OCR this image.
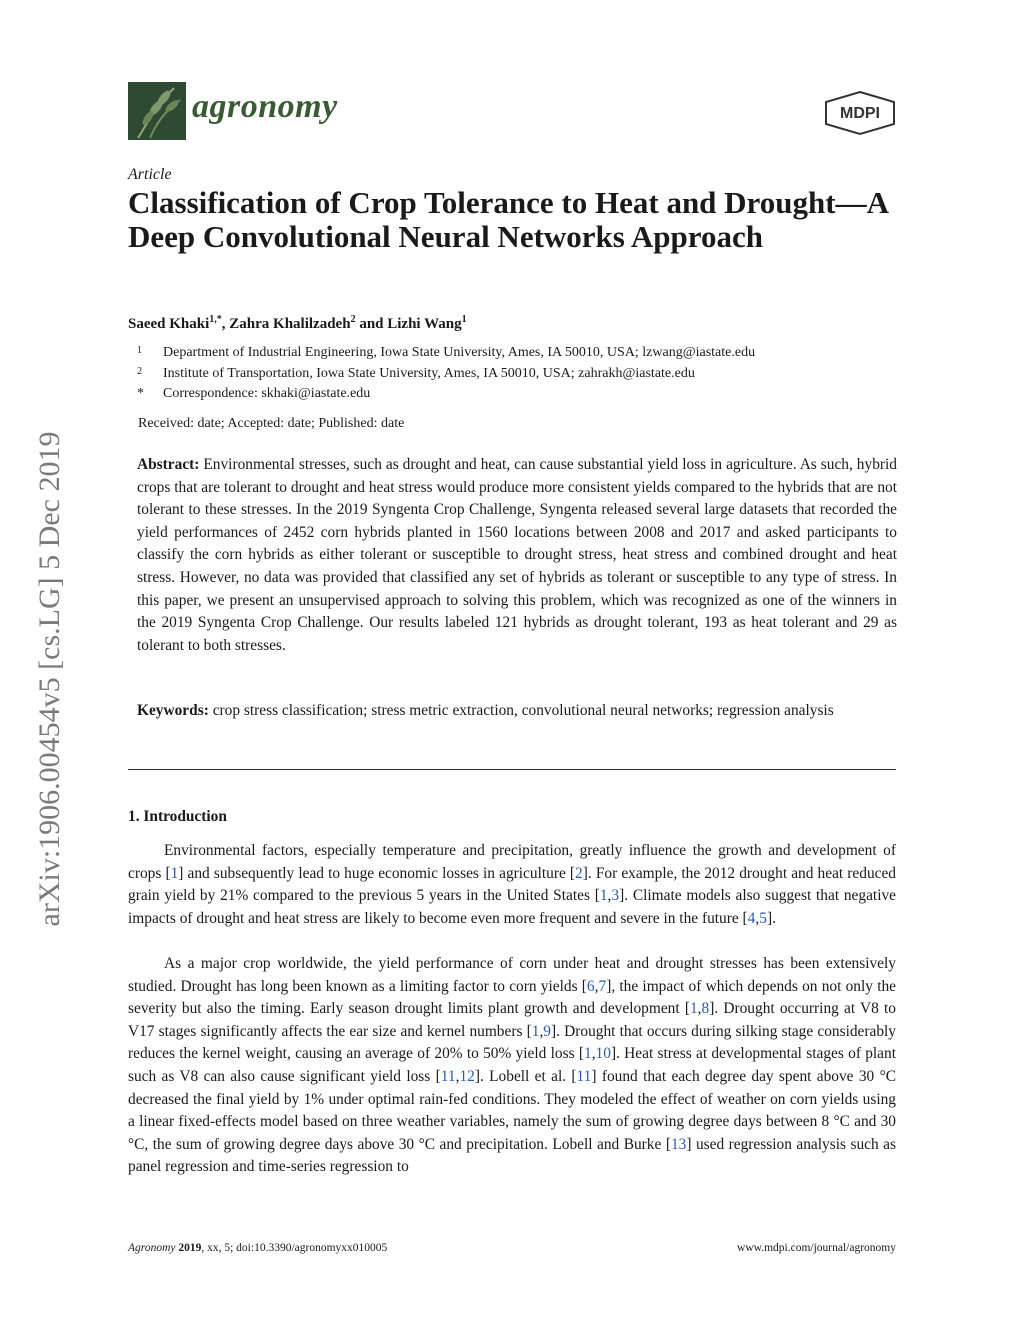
agronomy	MDPI
Article
Classification of Crop Tolerance to Heat and Drought—A Deep Convolutional Neural Networks Approach
Saeed Khaki$^{1,*}$, Zahra Khalilzadeh$^2$ and Lizhi Wang$^1$
1 Department of Industrial Engineering, Iowa State University, Ames, IA 50010, USA; lzwang@iastate.edu
2 Institute of Transportation, Iowa State University, Ames, IA 50010, USA; zahrakh@iastate.edu
* Correspondence: skhaki@iastate.edu
Received: date; Accepted: date; Published: date
Abstract: Environmental stresses, such as drought and heat, can cause substantial yield loss in agriculture. As such, hybrid crops that are tolerant to drought and heat stress would produce more consistent yields compared to the hybrids that are not tolerant to these stresses. In the 2019 Syngenta Crop Challenge, Syngenta released several large datasets that recorded the yield performances of 2452 corn hybrids planted in 1560 locations between 2008 and 2017 and asked participants to classify the corn hybrids as either tolerant or susceptible to drought stress, heat stress and combined drought and heat stress. However, no data was provided that classified any set of hybrids as tolerant or susceptible to any type of stress. In this paper, we present an unsupervised approach to solving this problem, which was recognized as one of the winners in the 2019 Syngenta Crop Challenge. Our results labeled 121 hybrids as drought tolerant, 193 as heat tolerant and 29 as tolerant to both stresses.
Keywords: crop stress classification; stress metric extraction, convolutional neural networks; regression analysis
1. Introduction
Environmental factors, especially temperature and precipitation, greatly influence the growth and development of crops [1] and subsequently lead to huge economic losses in agriculture [2]. For example, the 2012 drought and heat reduced grain yield by 21% compared to the previous 5 years in the United States [1,3]. Climate models also suggest that negative impacts of drought and heat stress are likely to become even more frequent and severe in the future [4,5].
As a major crop worldwide, the yield performance of corn under heat and drought stresses has been extensively studied. Drought has long been known as a limiting factor to corn yields [6,7], the impact of which depends on not only the severity but also the timing. Early season drought limits plant growth and development [1,8]. Drought occurring at V8 to V17 stages significantly affects the ear size and kernel numbers [1,9]. Drought that occurs during silking stage considerably reduces the kernel weight, causing an average of 20% to 50% yield loss [1,10]. Heat stress at developmental stages of plant such as V8 can also cause significant yield loss [11,12]. Lobell et al. [11] found that each degree day spent above 30 °C decreased the final yield by 1% under optimal rain-fed conditions. They modeled the effect of weather on corn yields using a linear fixed-effects model based on three weather variables, namely the sum of growing degree days between 8 °C and 30 °C, the sum of growing degree days above 30 °C and precipitation. Lobell and Burke [13] used regression analysis such as panel regression and time-series regression to
arXiv:1906.00454v5 [cs.LG] 5 Dec 2019
Agronomy 2019, xx, 5; doi:10.3390/agronomyxx010005	www.mdpi.com/journal/agronomy
